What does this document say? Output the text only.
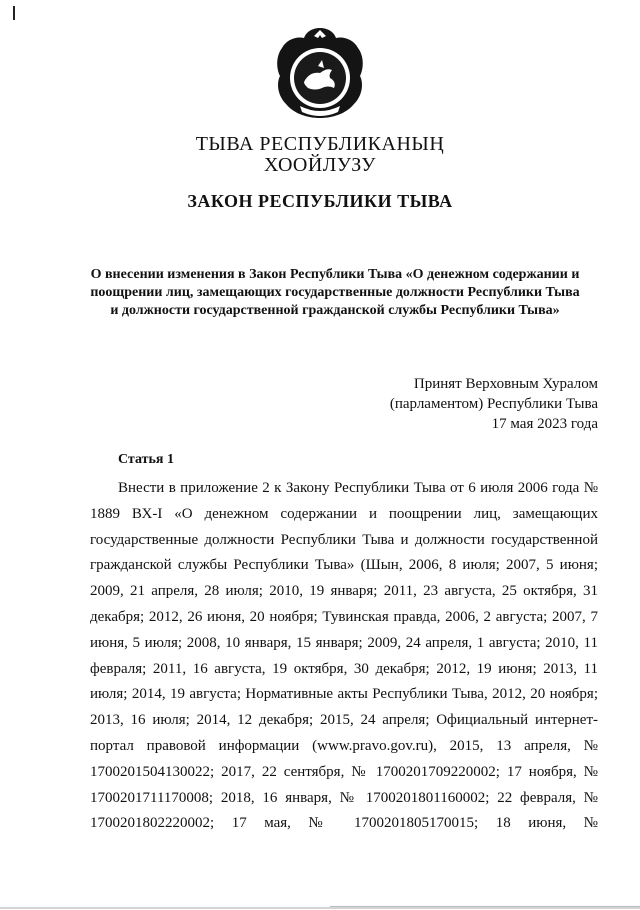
ТЫВА РЕСПУБЛИКАНЫҢ
ХООЙЛУЗУ
ЗАКОН РЕСПУБЛИКИ ТЫВА
О внесении изменения в Закон Республики Тыва «О денежном содержании и поощрении лиц, замещающих государственные должности Республики Тыва и должности государственной гражданской службы Республики Тыва»
Принят Верховным Хуралом
(парламентом) Республики Тыва
17 мая 2023 года
Статья 1
Внести в приложение 2 к Закону Республики Тыва от 6 июля 2006 года № 1889 ВХ-I «О денежном содержании и поощрении лиц, замещающих государственные должности Республики Тыва и должности государственной гражданской службы Республики Тыва» (Шын, 2006, 8 июля; 2007, 5 июня; 2009, 21 апреля, 28 июля; 2010, 19 января; 2011, 23 августа, 25 октября, 31 декабря; 2012, 26 июня, 20 ноября; Тувинская правда, 2006, 2 августа; 2007, 7 июня, 5 июля; 2008, 10 января, 15 января; 2009, 24 апреля, 1 августа; 2010, 11 февраля; 2011, 16 августа, 19 октября, 30 декабря; 2012, 19 июня; 2013, 11 июля; 2014, 19 августа; Нормативные акты Республики Тыва, 2012, 20 ноября; 2013, 16 июля; 2014, 12 декабря; 2015, 24 апреля; Официальный интернет-портал правовой информации (www.pravo.gov.ru), 2015, 13 апреля, № 1700201504130022; 2017, 22 сентября, № 1700201709220002; 17 ноября, № 1700201711170008; 2018, 16 января, № 1700201801160002; 22 февраля, № 1700201802220002; 17 мая, № 1700201805170015; 18 июня, №
